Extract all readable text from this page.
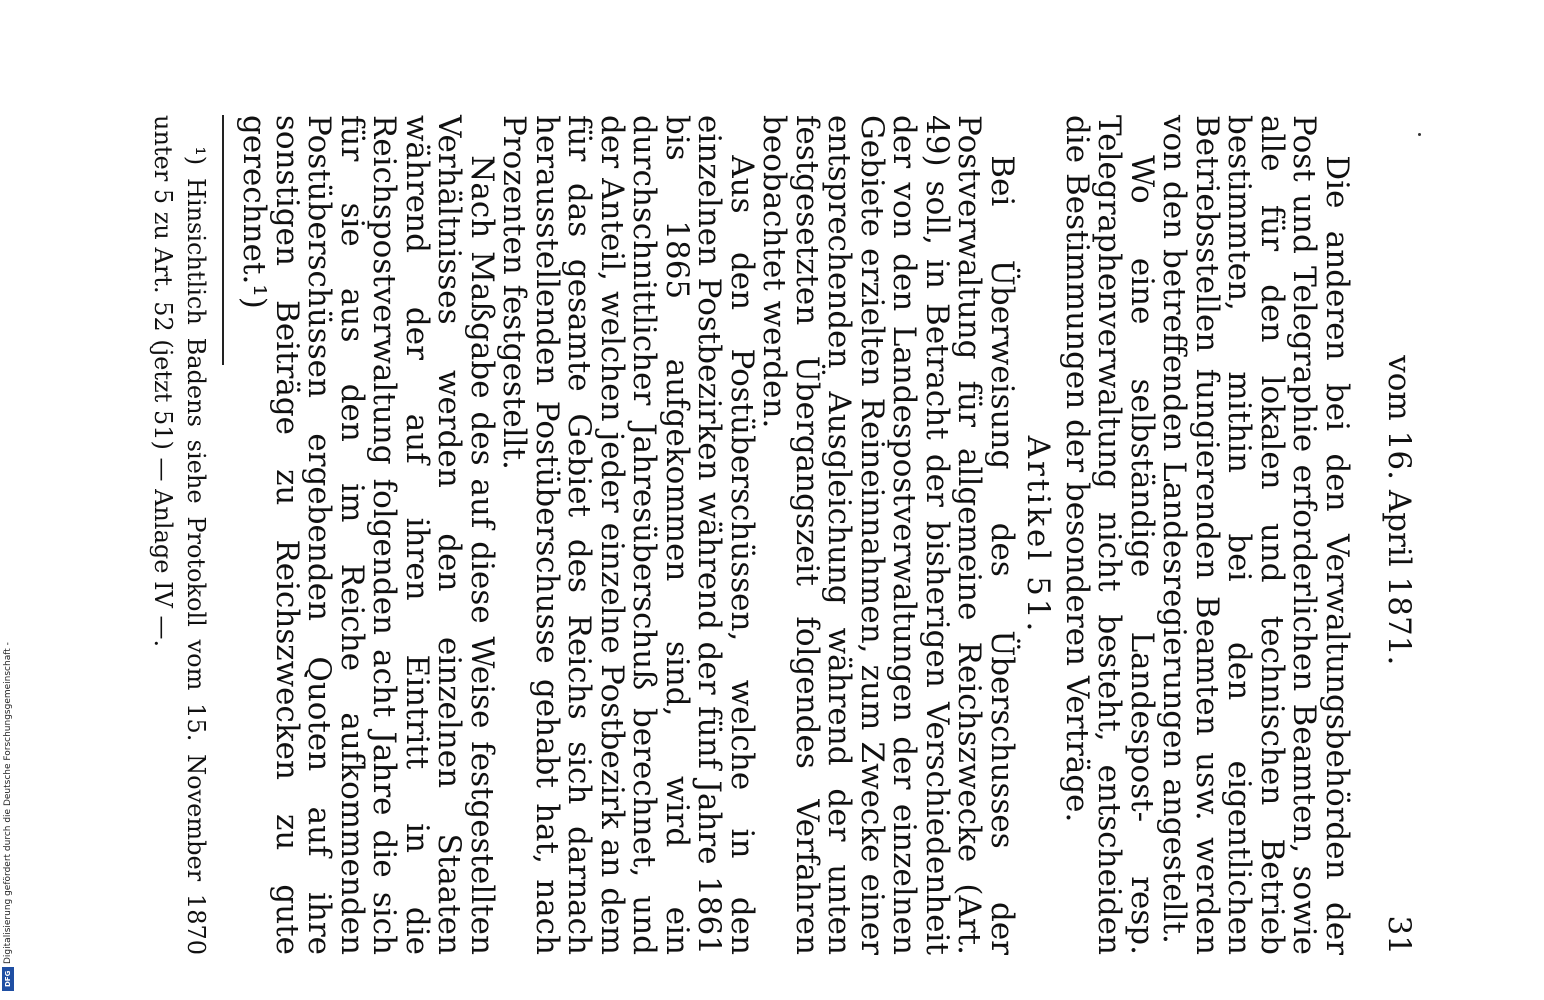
Digitalisierung gefördert durch die Deutsche Forschungsgemeinschaft -
DFG
vom 16. April 1871.
31

Die anderen bei den Verwaltungsbehörden der Post und Telegraphie erforderlichen Beamten, sowie alle für den lokalen und technischen Betrieb bestimmten, mithin bei den eigentlichen Betriebsstellen fungierenden Beamten usw. werden von den betreffenden Landesregierungen angestellt.

Wo eine selbständige Landespost- resp. Telegraphenverwaltung nicht besteht, entscheiden die Bestimmungen der besonderen Verträge.

Artikel 51.

Bei Überweisung des Überschusses der Postverwaltung für allgemeine Reichszwecke (Art. 49) soll, in Betracht der bisherigen Verschiedenheit der von den Landespostverwaltungen der einzelnen Gebiete erzielten Reineinnahmen, zum Zwecke einer entsprechenden Ausgleichung während der unten festgesetzten Übergangszeit folgendes Verfahren beobachtet werden.

Aus den Postüberschüssen, welche in den einzelnen Postbezirken während der fünf Jahre 1861 bis 1865 aufgekommen sind, wird ein durchschnittlicher Jahresüberschuß berechnet, und der Anteil, welchen jeder einzelne Postbezirk an dem für das gesamte Gebiet des Reichs sich darnach herausstellenden Postüberschusse gehabt hat, nach Prozenten festgestellt.

Nach Maßgabe des auf diese Weise festgestellten Verhältnisses werden den einzelnen Staaten während der auf ihren Eintritt in die Reichspostverwaltung folgenden acht Jahre die sich für sie aus den im Reiche aufkommenden Postüberschüssen ergebenden Quoten auf ihre sonstigen Beiträge zu Reichszwecken zu gute gerechnet.¹)

¹) Hinsichtlich Badens siehe Protokoll vom 15. November 1870 unter 5 zu Art. 52 (jetzt 51) — Anlage IV —.
